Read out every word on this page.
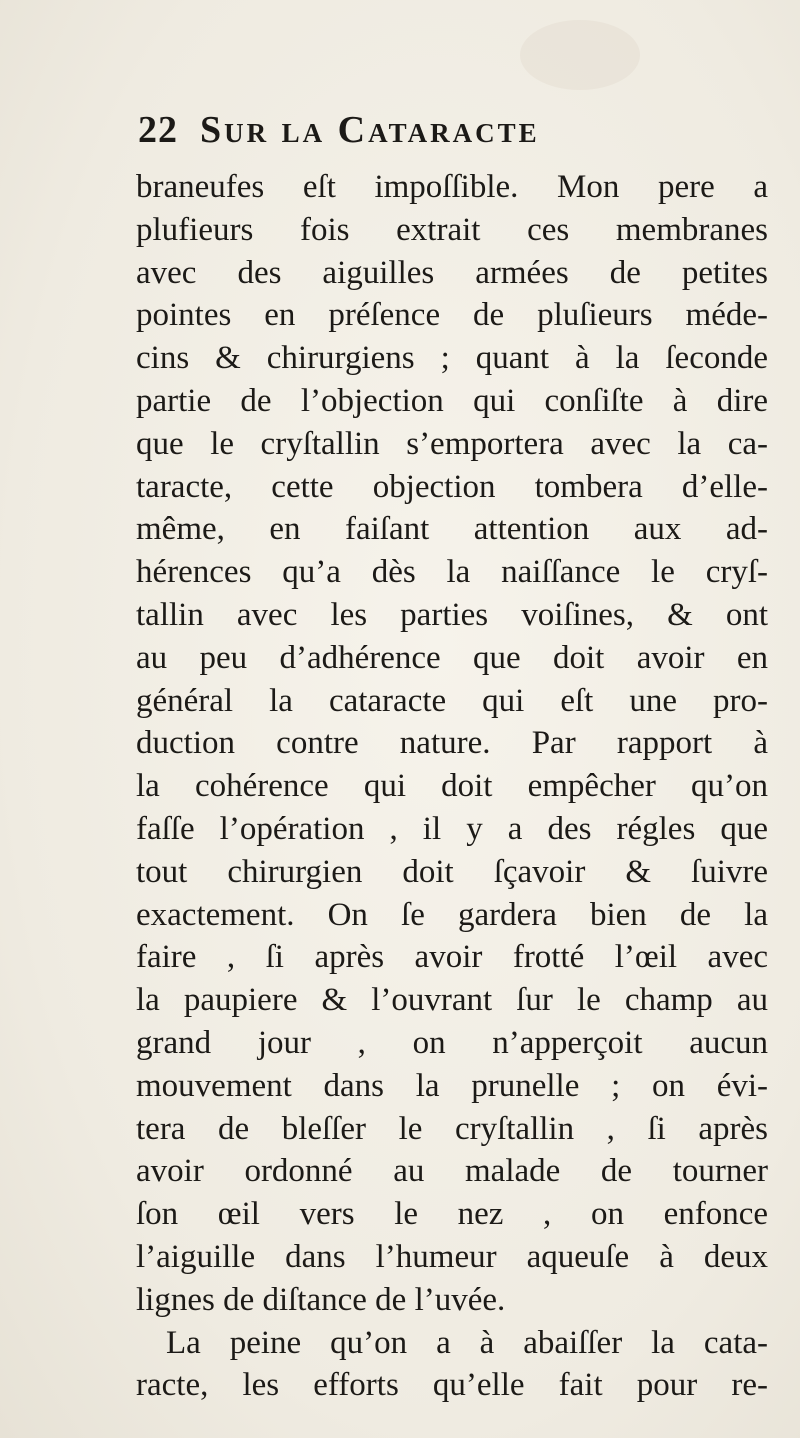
22 Sur la Cataracte
braneufes eſt impoſſible. Mon pere a
plufieurs fois extrait ces membranes
avec des aiguilles armées de petites
pointes en préſence de pluſieurs méde-
cins & chirurgiens ; quant à la ſeconde
partie de l’objection qui conſiſte à dire
que le cryſtallin s’emportera avec la ca-
taracte, cette objection tombera d’elle-
même, en faiſant attention aux ad-
hérences qu’a dès la naiſſance le cryſ-
tallin avec les parties voiſines, & ont
au peu d’adhérence que doit avoir en
général la cataracte qui eſt une pro-
duction contre nature. Par rapport à
la cohérence qui doit empêcher qu’on
faſſe l’opération , il y a des régles que
tout chirurgien doit ſçavoir & ſuivre
exactement. On ſe gardera bien de la
faire , ſi après avoir frotté l’œil avec
la paupiere & l’ouvrant ſur le champ au
grand jour , on n’apperçoit aucun
mouvement dans la prunelle ; on évi-
tera de bleſſer le cryſtallin , ſi après
avoir ordonné au malade de tourner
ſon œil vers le nez , on enfonce
l’aiguille dans l’humeur aqueuſe à deux
lignes de diſtance de l’uvée.
La peine qu’on a à abaiſſer la cata-
racte, les efforts qu’elle fait pour re-
